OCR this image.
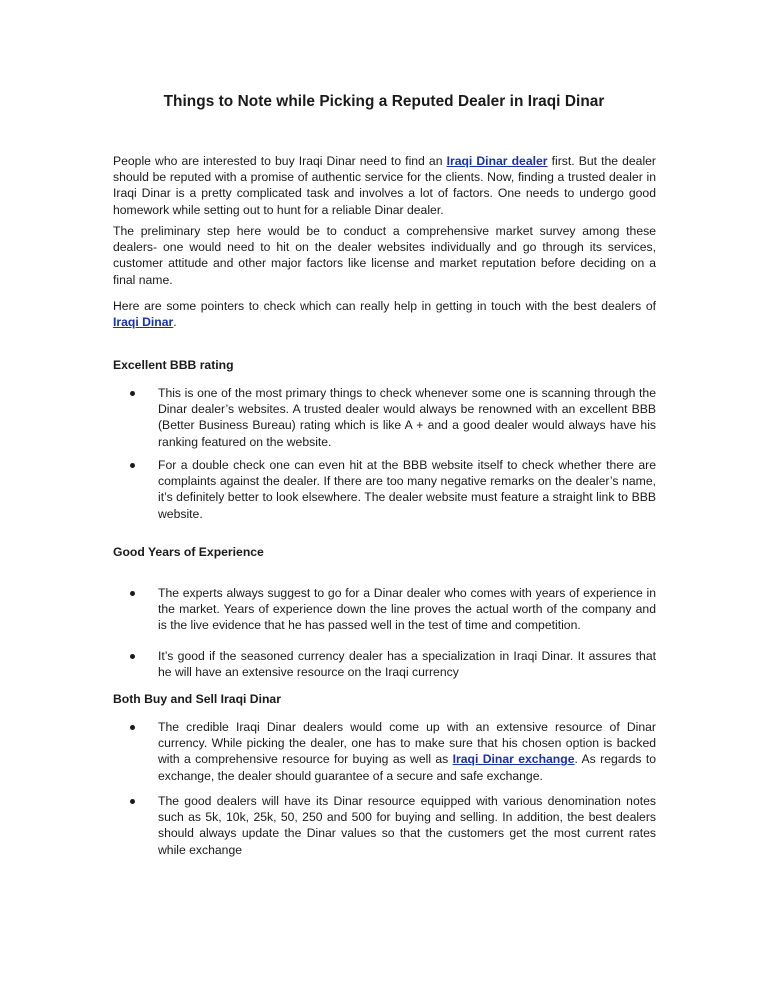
Things to Note while Picking a Reputed Dealer in Iraqi Dinar

People who are interested to buy Iraqi Dinar need to find an Iraqi Dinar dealer first. But the dealer should be reputed with a promise of authentic service for the clients. Now, finding a trusted dealer in Iraqi Dinar is a pretty complicated task and involves a lot of factors. One needs to undergo good homework while setting out to hunt for a reliable Dinar dealer.

The preliminary step here would be to conduct a comprehensive market survey among these dealers- one would need to hit on the dealer websites individually and go through its services, customer attitude and other major factors like license and market reputation before deciding on a final name.

Here are some pointers to check which can really help in getting in touch with the best dealers of Iraqi Dinar.

Excellent BBB rating
This is one of the most primary things to check whenever some one is scanning through the Dinar dealer’s websites. A trusted dealer would always be renowned with an excellent BBB (Better Business Bureau) rating which is like A + and a good dealer would always have his ranking featured on the website.
For a double check one can even hit at the BBB website itself to check whether there are complaints against the dealer. If there are too many negative remarks on the dealer’s name, it’s definitely better to look elsewhere. The dealer website must feature a straight link to BBB website.
Good Years of Experience
The experts always suggest to go for a Dinar dealer who comes with years of experience in the market. Years of experience down the line proves the actual worth of the company and is the live evidence that he has passed well in the test of time and competition.
It’s good if the seasoned currency dealer has a specialization in Iraqi Dinar. It assures that he will have an extensive resource on the Iraqi currency
Both Buy and Sell Iraqi Dinar
The credible Iraqi Dinar dealers would come up with an extensive resource of Dinar currency. While picking the dealer, one has to make sure that his chosen option is backed with a comprehensive resource for buying as well as Iraqi Dinar exchange. As regards to exchange, the dealer should guarantee of a secure and safe exchange.
The good dealers will have its Dinar resource equipped with various denomination notes such as 5k, 10k, 25k, 50, 250 and 500 for buying and selling. In addition, the best dealers should always update the Dinar values so that the customers get the most current rates while exchange
